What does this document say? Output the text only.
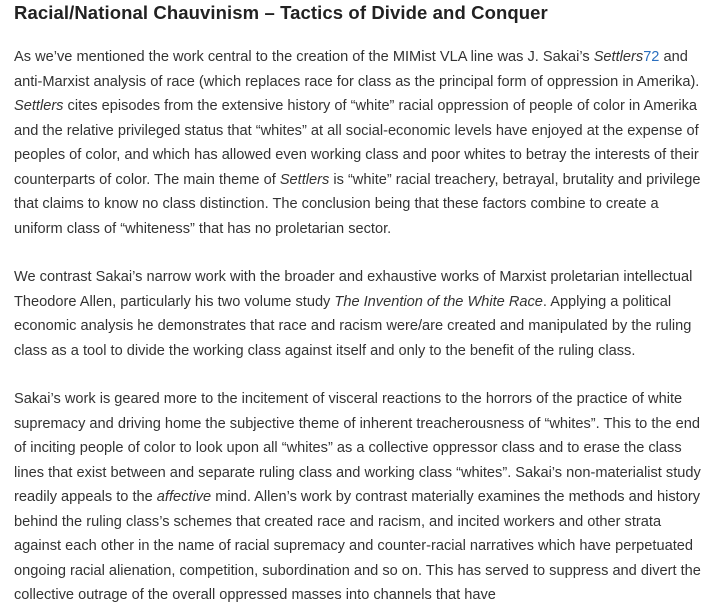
Racial/National Chauvinism – Tactics of Divide and Conquer

As we’ve mentioned the work central to the creation of the MIMist VLA line was J. Sakai’s Settlers72 and anti-Marxist analysis of race (which replaces race for class as the principal form of oppression in Amerika). Settlers cites episodes from the extensive history of “white” racial oppression of people of color in Amerika and the relative privileged status that “whites” at all social-economic levels have enjoyed at the expense of peoples of color, and which has allowed even working class and poor whites to betray the interests of their counterparts of color. The main theme of Settlers is “white” racial treachery, betrayal, brutality and privilege that claims to know no class distinction. The conclusion being that these factors combine to create a uniform class of “whiteness” that has no proletarian sector.

We contrast Sakai’s narrow work with the broader and exhaustive works of Marxist proletarian intellectual Theodore Allen, particularly his two volume study The Invention of the White Race. Applying a political economic analysis he demonstrates that race and racism were/are created and manipulated by the ruling class as a tool to divide the working class against itself and only to the benefit of the ruling class.

Sakai’s work is geared more to the incitement of visceral reactions to the horrors of the practice of white supremacy and driving home the subjective theme of inherent treacherousness of “whites”. This to the end of inciting people of color to look upon all “whites” as a collective oppressor class and to erase the class lines that exist between and separate ruling class and working class “whites”. Sakai’s non-materialist study readily appeals to the affective mind. Allen’s work by contrast materially examines the methods and history behind the ruling class’s schemes that created race and racism, and incited workers and other strata against each other in the name of racial supremacy and counter-racial narratives which have perpetuated ongoing racial alienation, competition, subordination and so on. This has served to suppress and divert the collective outrage of the overall oppressed masses into channels that have
